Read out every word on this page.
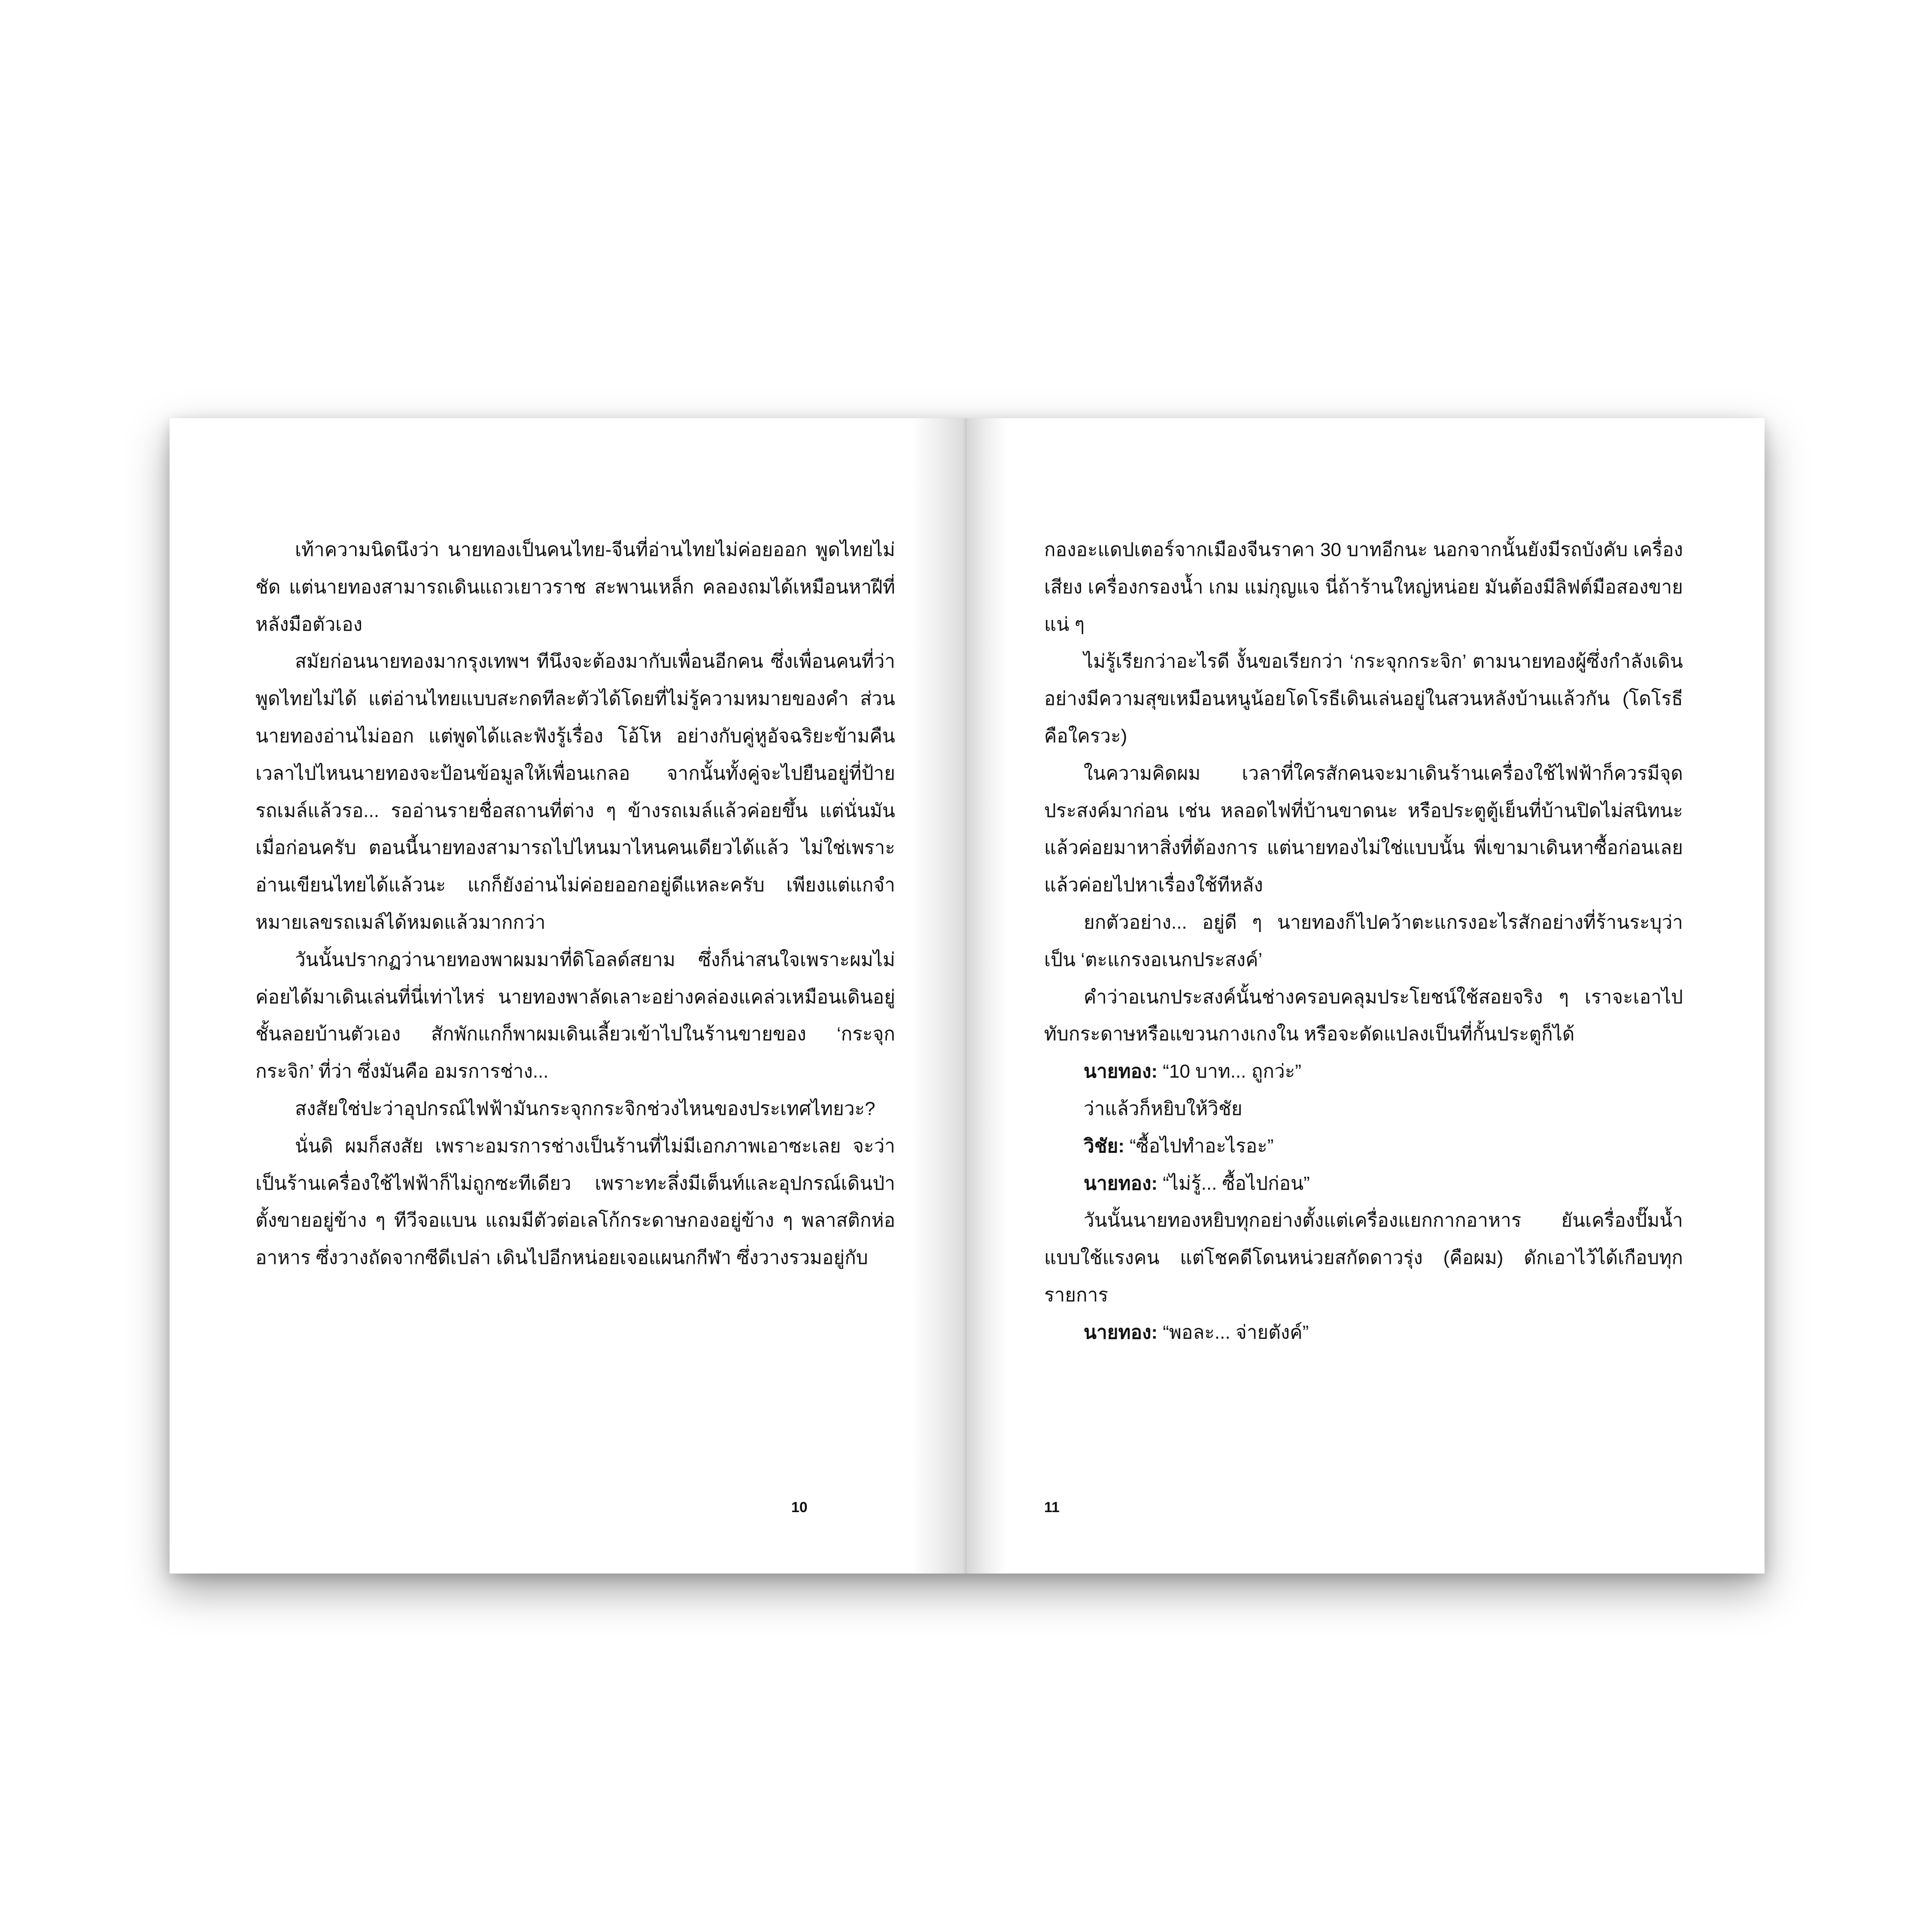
เท้าความนิดนึงว่า นายทองเป็นคนไทย-จีนที่อ่านไทยไม่ค่อยออก พูดไทยไม่ชัด แต่นายทองสามารถเดินแถวเยาวราช สะพานเหล็ก คลองถมได้เหมือนหาฝีที่หลังมือตัวเอง

สมัยก่อนนายทองมากรุงเทพฯ ทีนึงจะต้องมากับเพื่อนอีกคน ซึ่งเพื่อนคนที่ว่าพูดไทยไม่ได้ แต่อ่านไทยแบบสะกดทีละตัวได้โดยที่ไม่รู้ความหมายของคำ ส่วนนายทองอ่านไม่ออก แต่พูดได้และฟังรู้เรื่อง โอ้โห อย่างกับคู่หูอัจฉริยะข้ามคืน เวลาไปไหนนายทองจะป้อนข้อมูลให้เพื่อนเกลอ จากนั้นทั้งคู่จะไปยืนอยู่ที่ป้ายรถเมล์แล้วรอ... รออ่านรายชื่อสถานที่ต่าง ๆ ข้างรถเมล์แล้วค่อยขึ้น แต่นั่นมันเมื่อก่อนครับ ตอนนี้นายทองสามารถไปไหนมาไหนคนเดียวได้แล้ว ไม่ใช่เพราะอ่านเขียนไทยได้แล้วนะ แกก็ยังอ่านไม่ค่อยออกอยู่ดีแหละครับ เพียงแต่แกจำหมายเลขรถเมล์ได้หมดแล้วมากกว่า

วันนั้นปรากฏว่านายทองพาผมมาที่ดิโอลด์สยาม ซึ่งก็น่าสนใจเพราะผมไม่ค่อยได้มาเดินเล่นที่นี่เท่าไหร่ นายทองพาลัดเลาะอย่างคล่องแคล่วเหมือนเดินอยู่ชั้นลอยบ้านตัวเอง สักพักแกก็พาผมเดินเลี้ยวเข้าไปในร้านขายของ ‘กระจุกกระจิก’ ที่ว่า ซึ่งมันคือ อมรการช่าง...

สงสัยใช่ปะว่าอุปกรณ์ไฟฟ้ามันกระจุกกระจิกช่วงไหนของประเทศไทยวะ?

นั่นดิ ผมก็สงสัย เพราะอมรการช่างเป็นร้านที่ไม่มีเอกภาพเอาซะเลย จะว่าเป็นร้านเครื่องใช้ไฟฟ้าก็ไม่ถูกซะทีเดียว เพราะทะลึ่งมีเต็นท์และอุปกรณ์เดินป่าตั้งขายอยู่ข้าง ๆ ทีวีจอแบน แถมมีตัวต่อเลโก้กระดาษกองอยู่ข้าง ๆ พลาสติกห่ออาหาร ซึ่งวางถัดจากซีดีเปล่า เดินไปอีกหน่อยเจอแผนกกีฬา ซึ่งวางรวมอยู่กับ

10

กองอะแดปเตอร์จากเมืองจีนราคา 30 บาทอีกนะ นอกจากนั้นยังมีรถบังคับ เครื่องเสียง เครื่องกรองน้ำ เกม แม่กุญแจ นี่ถ้าร้านใหญ่หน่อย มันต้องมีลิฟต์มือสองขายแน่ ๆ

ไม่รู้เรียกว่าอะไรดี งั้นขอเรียกว่า ‘กระจุกกระจิก’ ตามนายทองผู้ซึ่งกำลังเดินอย่างมีความสุขเหมือนหนูน้อยโดโรธีเดินเล่นอยู่ในสวนหลังบ้านแล้วกัน (โดโรธีคือใครวะ)

ในความคิดผม เวลาที่ใครสักคนจะมาเดินร้านเครื่องใช้ไฟฟ้าก็ควรมีจุดประสงค์มาก่อน เช่น หลอดไฟที่บ้านขาดนะ หรือประตูตู้เย็นที่บ้านปิดไม่สนิทนะ แล้วค่อยมาหาสิ่งที่ต้องการ แต่นายทองไม่ใช่แบบนั้น พี่เขามาเดินหาซื้อก่อนเลย แล้วค่อยไปหาเรื่องใช้ทีหลัง

ยกตัวอย่าง... อยู่ดี ๆ นายทองก็ไปคว้าตะแกรงอะไรสักอย่างที่ร้านระบุว่าเป็น ‘ตะแกรงอเนกประสงค์’

คำว่าอเนกประสงค์นั้นช่างครอบคลุมประโยชน์ใช้สอยจริง ๆ เราจะเอาไปทับกระดาษหรือแขวนกางเกงใน หรือจะดัดแปลงเป็นที่กั้นประตูก็ได้

นายทอง: “10 บาท... ถูกว่ะ”

ว่าแล้วก็หยิบให้วิชัย

วิชัย: “ซื้อไปทำอะไรอะ”

นายทอง: “ไม่รู้... ซื้อไปก่อน”

วันนั้นนายทองหยิบทุกอย่างตั้งแต่เครื่องแยกกากอาหาร ยันเครื่องปั๊มน้ำแบบใช้แรงคน แต่โชคดีโดนหน่วยสกัดดาวรุ่ง (คือผม) ดักเอาไว้ได้เกือบทุกรายการ

นายทอง: “พอละ... จ่ายตังค์”

11
